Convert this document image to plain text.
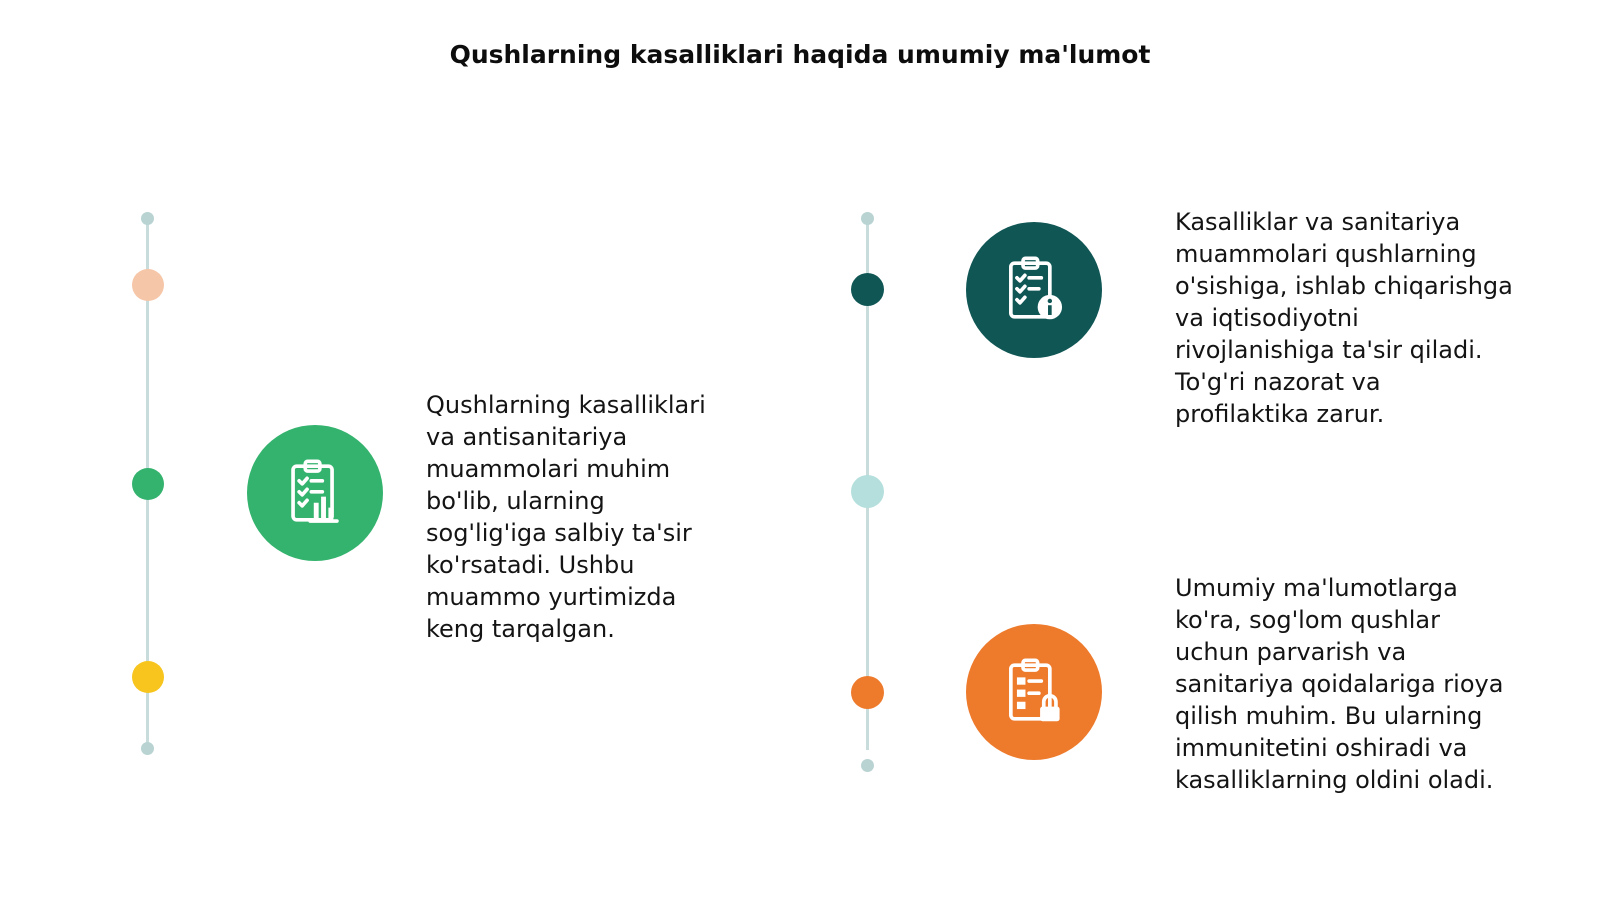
Qushlarning kasalliklari haqida umumiy ma'lumot
Qushlarning kasalliklari
va antisanitariya
muammolari muhim
bo'lib, ularning
sog'lig'iga salbiy ta'sir
ko'rsatadi. Ushbu
muammo yurtimizda
keng tarqalgan.
Kasalliklar va sanitariya
muammolari qushlarning
o'sishiga, ishlab chiqarishga
va iqtisodiyotni
rivojlanishiga ta'sir qiladi.
To'g'ri nazorat va
profilaktika zarur.
Umumiy ma'lumotlarga
ko'ra, sog'lom qushlar
uchun parvarish va
sanitariya qoidalariga rioya
qilish muhim. Bu ularning
immunitetini oshiradi va
kasalliklarning oldini oladi.
